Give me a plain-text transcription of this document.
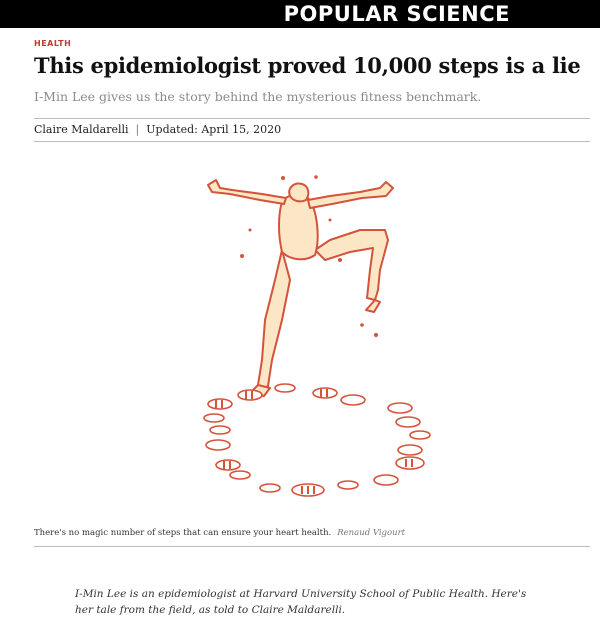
POPULAR SCIENCE
HEALTH
This epidemiologist proved 10,000 steps is a lie
I-Min Lee gives us the story behind the mysterious fitness benchmark.
Claire Maldarelli | Updated: April 15, 2020
There's no magic number of steps that can ensure your heart health. Renaud Vigourt

I-Min Lee is an epidemiologist at Harvard University School of Public Health. Here's her tale from the field, as told to Claire Maldarelli.
